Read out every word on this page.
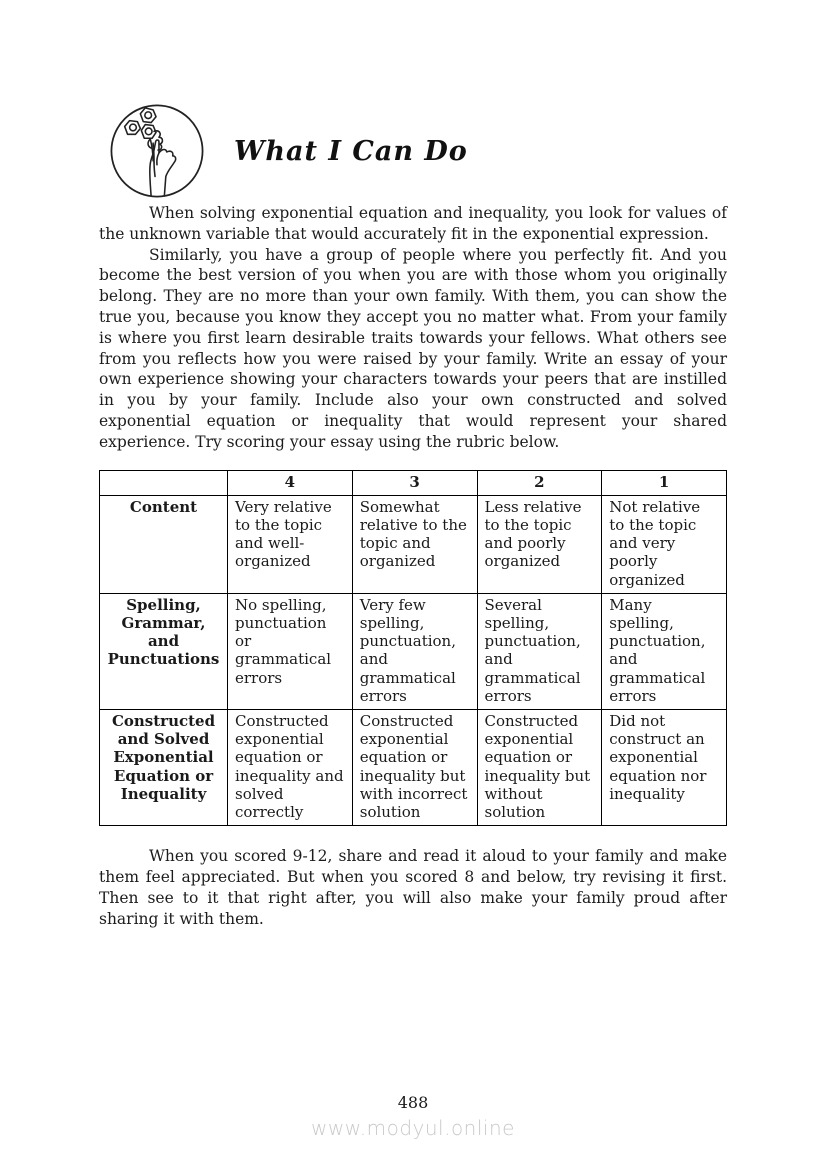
What I Can Do

When solving exponential equation and inequality, you look for values of the unknown variable that would accurately fit in the exponential expression.

Similarly, you have a group of people where you perfectly fit. And you become the best version of you when you are with those whom you originally belong. They are no more than your own family. With them, you can show the true you, because you know they accept you no matter what. From your family is where you first learn desirable traits towards your fellows. What others see from you reflects how you were raised by your family. Write an essay of your own experience showing your characters towards your peers that are instilled in you by your family. Include also your own constructed and solved exponential equation or inequality that would represent your shared experience. Try scoring your essay using the rubric below.

	4	3	2	1
Content	Very relative to the topic and well-organized	Somewhat relative to the topic and organized	Less relative to the topic and poorly organized	Not relative to the topic and very poorly organized
Spelling, Grammar, and Punctuations	No spelling, punctuation or grammatical errors	Very few spelling, punctuation, and grammatical errors	Several spelling, punctuation, and grammatical errors	Many spelling, punctuation, and grammatical errors
Constructed and Solved Exponential Equation or Inequality	Constructed exponential equation or inequality and solved correctly	Constructed exponential equation or inequality but with incorrect solution	Constructed exponential equation or inequality but without solution	Did not construct an exponential equation nor inequality

When you scored 9-12, share and read it aloud to your family and make them feel appreciated. But when you scored 8 and below, try revising it first. Then see to it that right after, you will also make your family proud after sharing it with them.

488
www.modyul.online
